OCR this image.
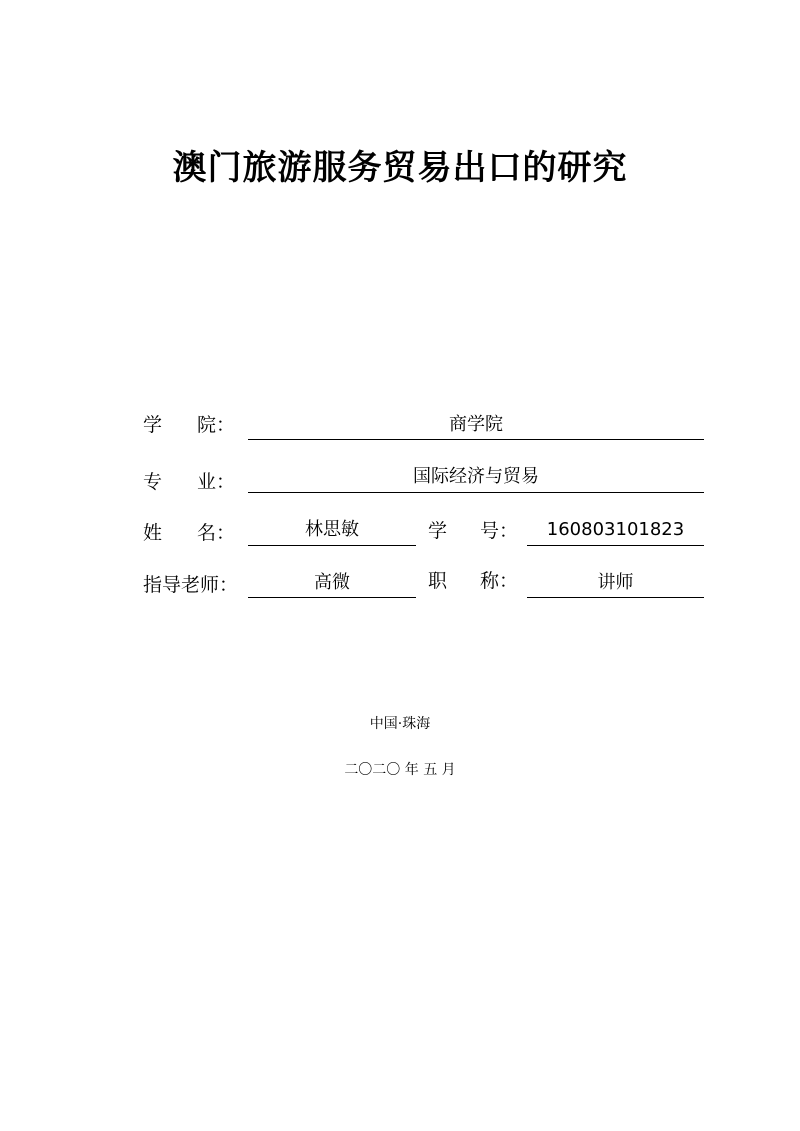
澳门旅游服务贸易出口的研究
学 院：	商学院
专 业：	国际经济与贸易
姓 名：	林思敏	学 号：	160803101823
指导老师：	高微	职 称：	讲师
中国·珠海
二〇二〇 年 五 月
